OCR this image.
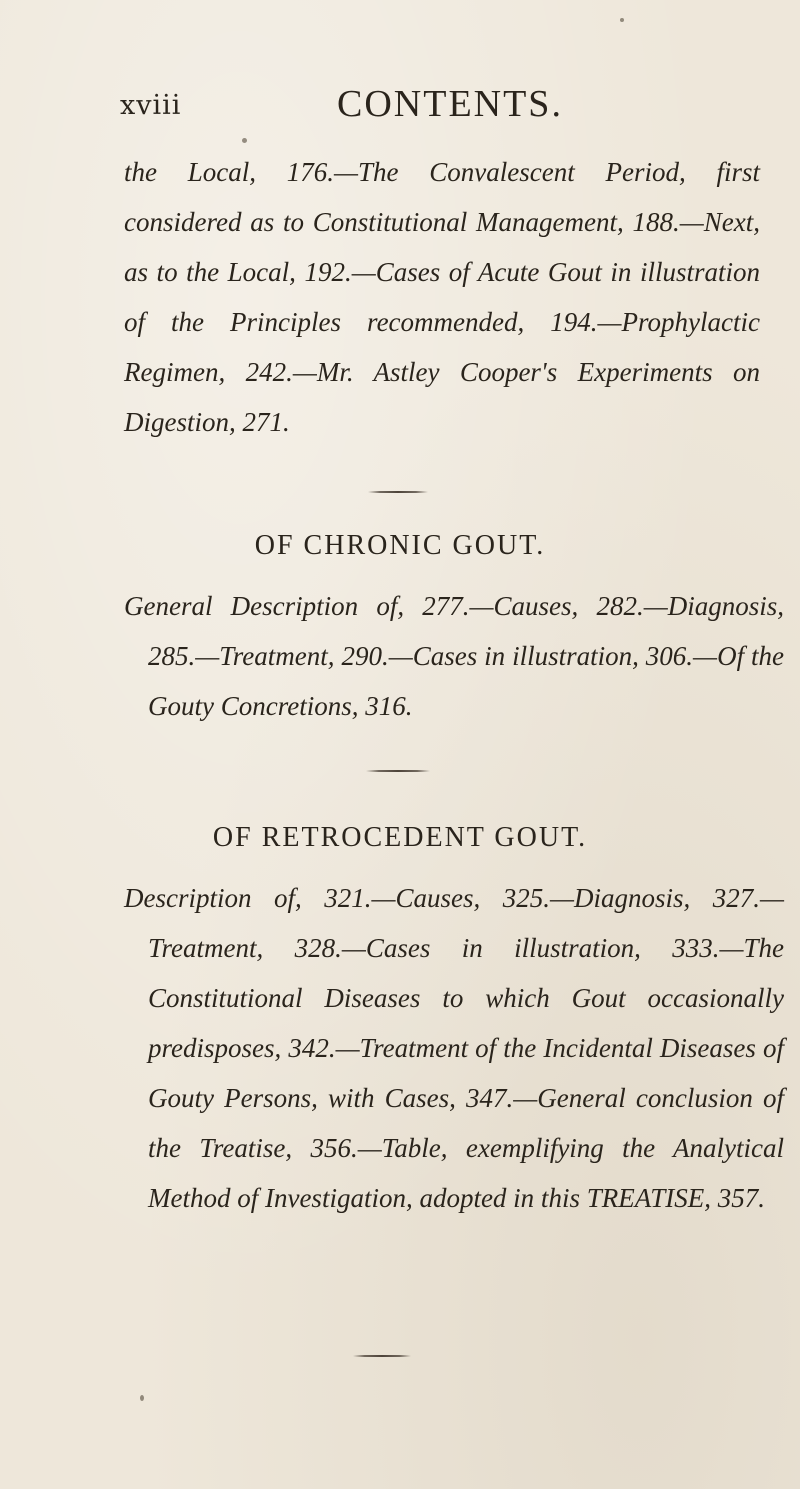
xviii	CONTENTS.
the Local, 176.—The Convalescent Period, first considered as to Constitutional Management, 188.—Next, as to the Local, 192.—Cases of Acute Gout in illustration of the Principles recommended, 194.—Prophylactic Regimen, 242.—Mr. Astley Cooper's Experiments on Digestion, 271.
OF CHRONIC GOUT.
General Description of, 277.—Causes, 282.—Diagnosis, 285.—Treatment, 290.—Cases in illustration, 306.—Of the Gouty Concretions, 316.
OF RETROCEDENT GOUT.
Description of, 321.—Causes, 325.—Diagnosis, 327.—Treatment, 328.—Cases in illustration, 333.—The Constitutional Diseases to which Gout occasionally predisposes, 342.—Treatment of the Incidental Diseases of Gouty Persons, with Cases, 347.—General conclusion of the Treatise, 356.—Table, exemplifying the Analytical Method of Investigation, adopted in this TREATISE, 357.
